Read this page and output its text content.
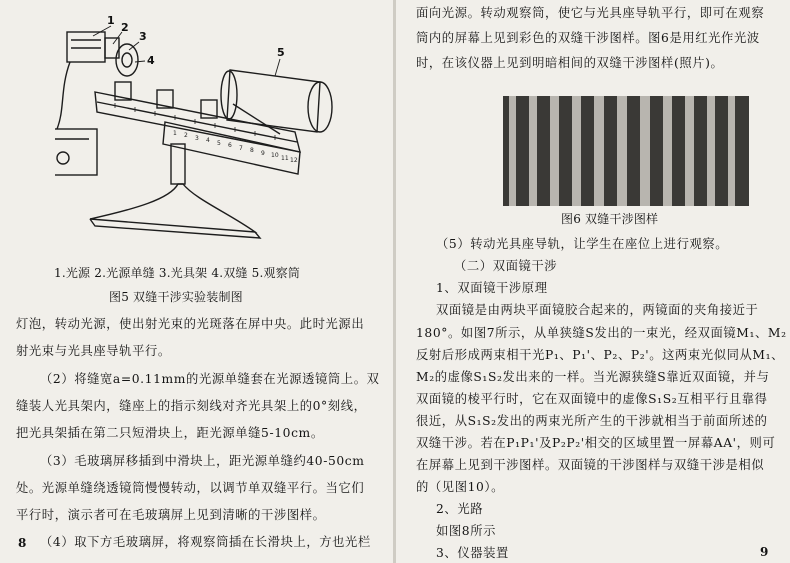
1 2 3 4 5 6 7 8 9 10 11 12
1
2
3
4
5
1.光源 2.光源单缝 3.光具架 4.双缝 5.观察筒
图5 双缝干涉实验装制图
灯泡，转动光源，使出射光束的光斑落在屏中央。此时光源出
射光束与光具座导轨平行。
（2）将缝宽a=0.11mm的光源单缝套在光源透镜筒上。双
缝装人光具架内，缝座上的指示刻线对齐光具架上的0°刻线，
把光具架插在第二只短滑块上，距光源单缝5-10cm。
（3）毛玻璃屏移插到中滑块上，距光源单缝约40-50cm
处。光源单缝绕透镜筒慢慢转动，以调节单双缝平行。当它们
平行时，演示者可在毛玻璃屏上见到清晰的干涉图样。
（4）取下方毛玻璃屏，将观察筒插在长滑块上，方也光栏
8
面向光源。转动观察筒，使它与光具座导轨平行，即可在观察
筒内的屏幕上见到彩色的双缝干涉图样。图6是用红光作光波
时，在该仪器上见到明暗相间的双缝干涉图样(照片)。
图6 双缝干涉图样
（5）转动光具座导轨，让学生在座位上进行观察。
（二）双面镜干涉
1、双面镜干涉原理
双面镜是由两块平面镜胶合起来的，两镜面的夹角接近于
180°。如图7所示，从单狭缝S发出的一束光，经双面镜M₁、M₂
反射后形成两束相干光P₁、P₁'、P₂、P₂'。这两束光似同从M₁、
M₂的虚像S₁S₂发出来的一样。当光源狭缝S靠近双面镜，并与
双面镜的棱平行时，它在双面镜中的虚像S₁S₂互相平行且靠得
很近，从S₁S₂发出的两束光所产生的干涉就相当于前面所述的
双缝干涉。若在P₁P₁'及P₂P₂'相交的区域里置一屏幕AA'，则可
在屏幕上见到干涉图样。双面镜的干涉图样与双缝干涉是相似
的（见图10）。
2、光路
如图8所示
3、仪器装置	9
